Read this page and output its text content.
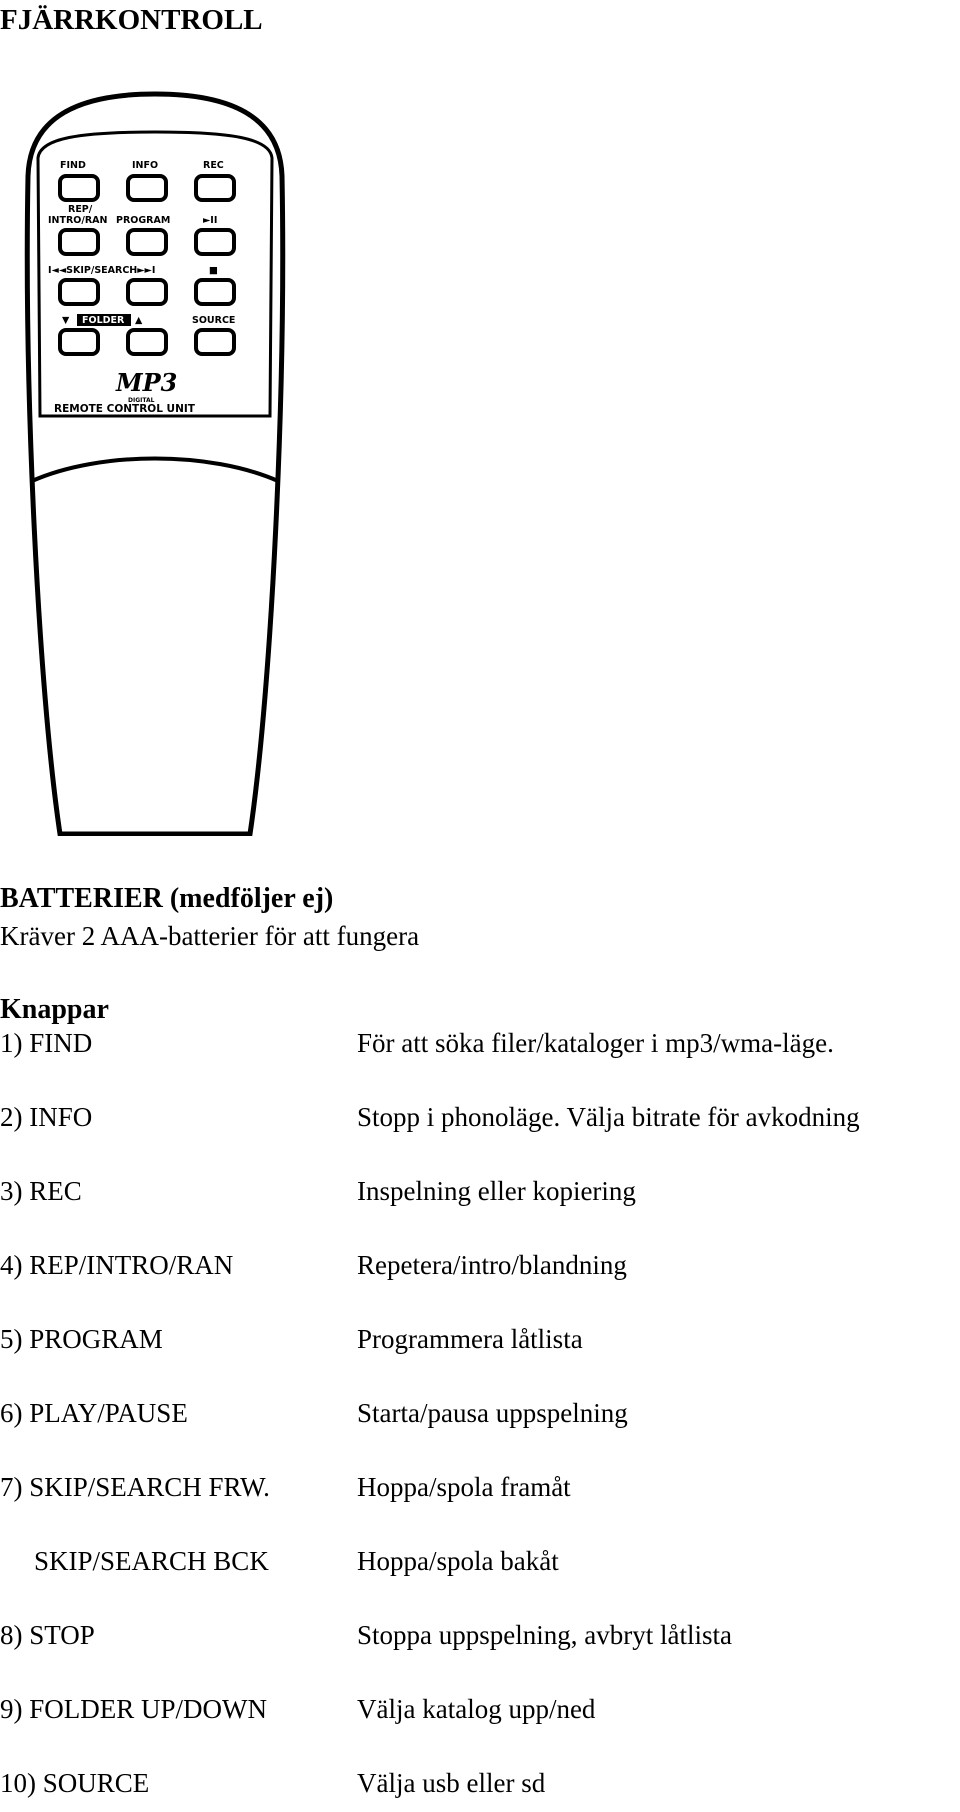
FJÄRRKONTROLL
FIND	INFO	REC
REP/
INTRO/RAN PROGRAM	►II
I◄◄SKIP/SEARCH►►I	■
▼ FOLDER ▲	SOURCE
MP3
DIGITAL
REMOTE CONTROL UNIT
BATTERIER (medföljer ej)

Kräver 2 AAA-batterier för att fungera

Knappar
1) FIND	För att söka filer/kataloger i mp3/wma-läge.
2) INFO	Stopp i phonoläge. Välja bitrate för avkodning
3) REC	Inspelning eller kopiering
4) REP/INTRO/RAN	Repetera/intro/blandning
5) PROGRAM	Programmera låtlista
6) PLAY/PAUSE	Starta/pausa uppspelning
7) SKIP/SEARCH FRW.	Hoppa/spola framåt
SKIP/SEARCH BCK	Hoppa/spola bakåt
8) STOP	Stoppa uppspelning, avbryt låtlista
9) FOLDER UP/DOWN	Välja katalog upp/ned
10) SOURCE	Välja usb eller sd
